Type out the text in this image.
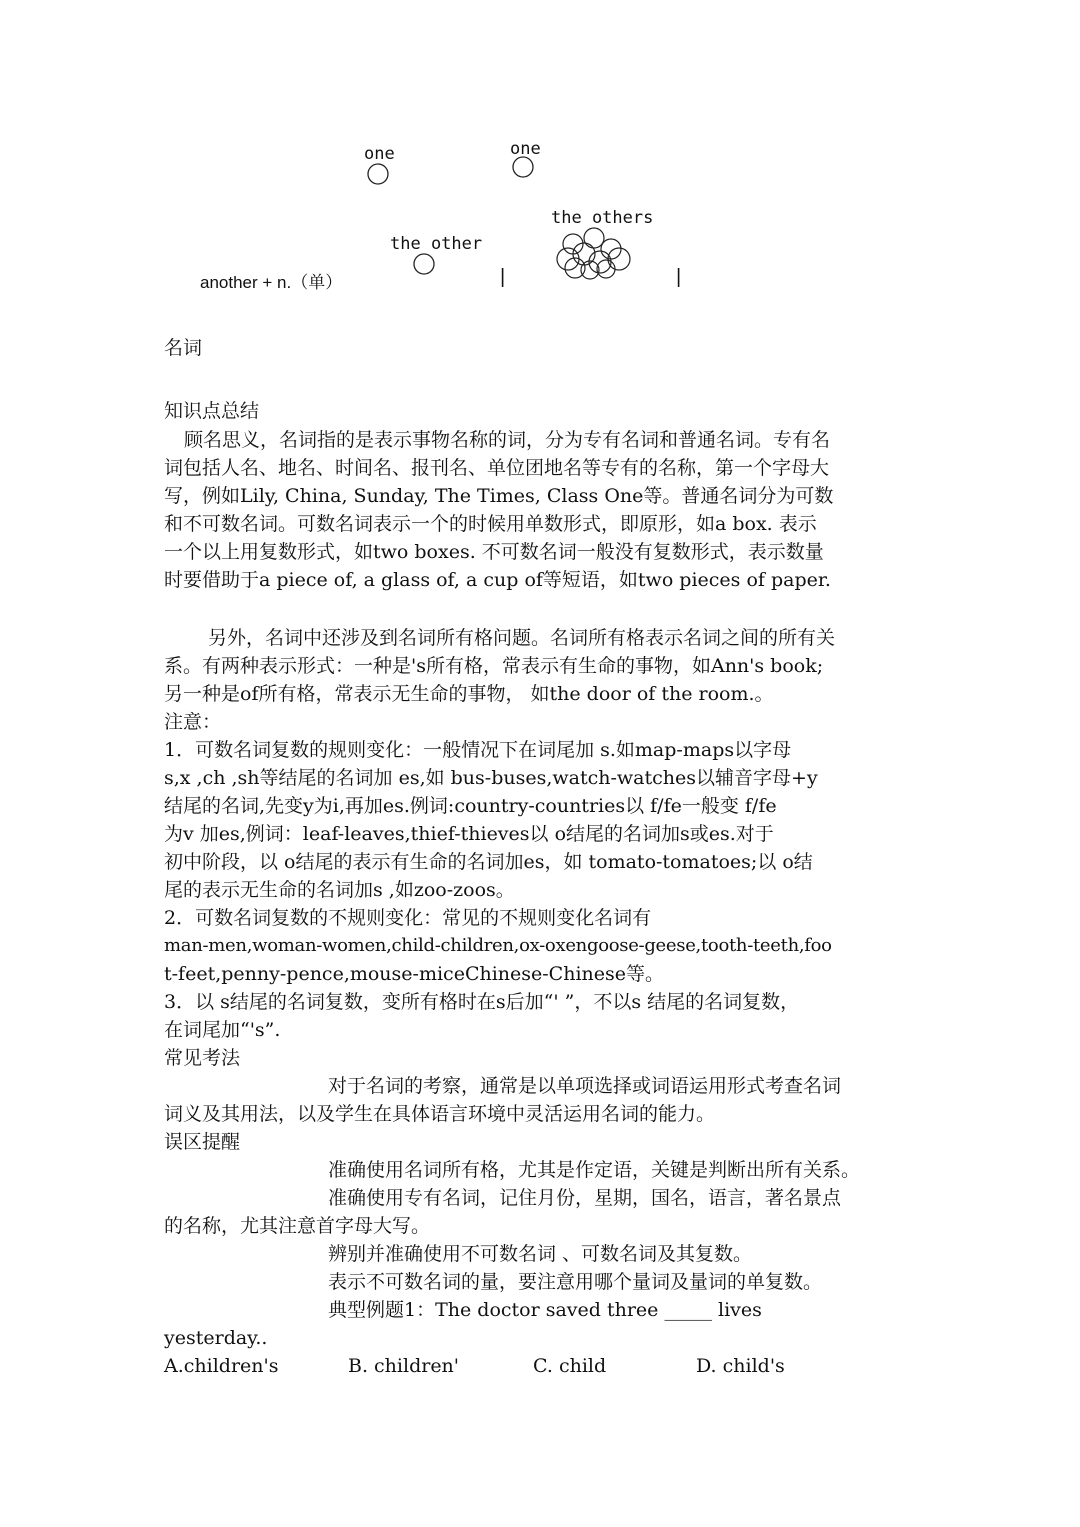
one	one
the other
the others
another + n.（单）	|	|
名词
知识点总结
顾名思义，名词指的是表示事物名称的词，分为专有名词和普通名词。专有名
词包括人名、地名、时间名、报刊名、单位团地名等专有的名称，第一个字母大
写，例如Lily, China, Sunday, The Times, Class One等。普通名词分为可数
和不可数名词。可数名词表示一个的时候用单数形式，即原形，如a box. 表示
一个以上用复数形式，如two boxes. 不可数名词一般没有复数形式，表示数量
时要借助于a piece of, a glass of, a cup of等短语，如two pieces of paper.
另外，名词中还涉及到名词所有格问题。名词所有格表示名词之间的所有关
系。有两种表示形式：一种是's所有格，常表示有生命的事物，如Ann's book;
另一种是of所有格，常表示无生命的事物， 如the door of the room.。
注意：
1．可数名词复数的规则变化：一般情况下在词尾加 s.如map-maps以字母
s,x ,ch ,sh等结尾的名词加 es,如 bus-buses,watch-watches以辅音字母+y
结尾的名词,先变y为i,再加es.例词:country-countries以 f/fe一般变 f/fe
为v 加es,例词：leaf-leaves,thief-thieves以 o结尾的名词加s或es.对于
初中阶段，以 o结尾的表示有生命的名词加es，如 tomato-tomatoes;以 o结
尾的表示无生命的名词加s ,如zoo-zoos。
2．可数名词复数的不规则变化：常见的不规则变化名词有
man-men,woman-women,child-children,ox-oxengoose-geese,tooth-teeth,foo
t-feet,penny-pence,mouse-miceChinese-Chinese等。
3．以 s结尾的名词复数，变所有格时在s后加“' ”，不以s 结尾的名词复数，
在词尾加“'s”.
常见考法
对于名词的考察，通常是以单项选择或词语运用形式考查名词
词义及其用法，以及学生在具体语言环境中灵活运用名词的能力。
误区提醒
准确使用名词所有格，尤其是作定语，关键是判断出所有关系。
准确使用专有名词，记住月份，星期，国名，语言，著名景点
的名称，尤其注意首字母大写。
辨别并准确使用不可数名词 、可数名词及其复数。
表示不可数名词的量，要注意用哪个量词及量词的单复数。
典型例题1：The doctor saved three _____ lives
yesterday..
A.children's	B. children'	C. child	D. child's
